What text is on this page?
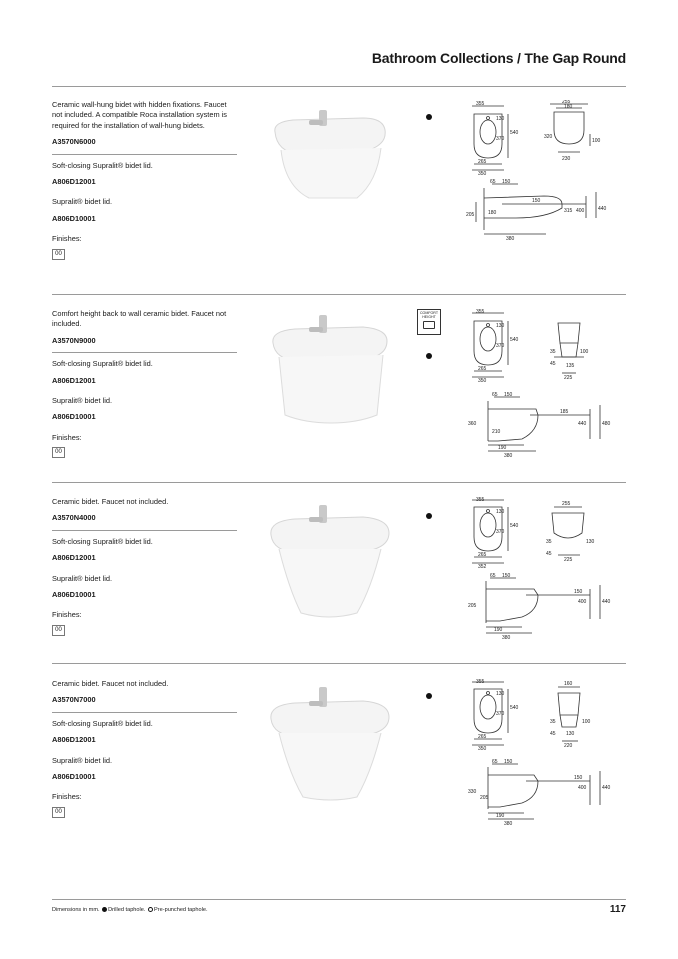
Bathroom Collections / The Gap Round
Ceramic wall-hung bidet with hidden fixations. Faucet not included. A compatible Roca installation system is required for the installation of wall-hung bidets.
A3570N6000
Soft-closing Supralit® bidet lid.
A806D12001
Supralit® bidet lid.
A806D10001
Finishes:
00
355
130
540
370
265
350
255
180
320
100
230
65 150
150
315 400	440
205	180
380
Comfort height back to wall ceramic bidet. Faucet not included.
A3570N9000
Soft-closing Supralit® bidet lid.
A806D12001
Supralit® bidet lid.
A806D10001
Finishes:
00
COMFORT HEIGHT
355
130
540
370
265
350
35	100
45 135
225
65 150
185
440	480
360
210
190
380
Ceramic bidet. Faucet not included.
A3570N4000
Soft-closing Supralit® bidet lid.
A806D12001
Supralit® bidet lid.
A806D10001
Finishes:
00
355
130
540
370
265
352
255
35	130
45
225
65 150
150
400	440
205
190
380
Ceramic bidet. Faucet not included.
A3570N7000
Soft-closing Supralit® bidet lid.
A806D12001
Supralit® bidet lid.
A806D10001
Finishes:
00
355
130
540
370
265
350
160
35	100
45 130
220
65 150
150
400	440
330
205
190
380
Dimensions in mm. Drilled taphole. Pre-punched taphole.	117
